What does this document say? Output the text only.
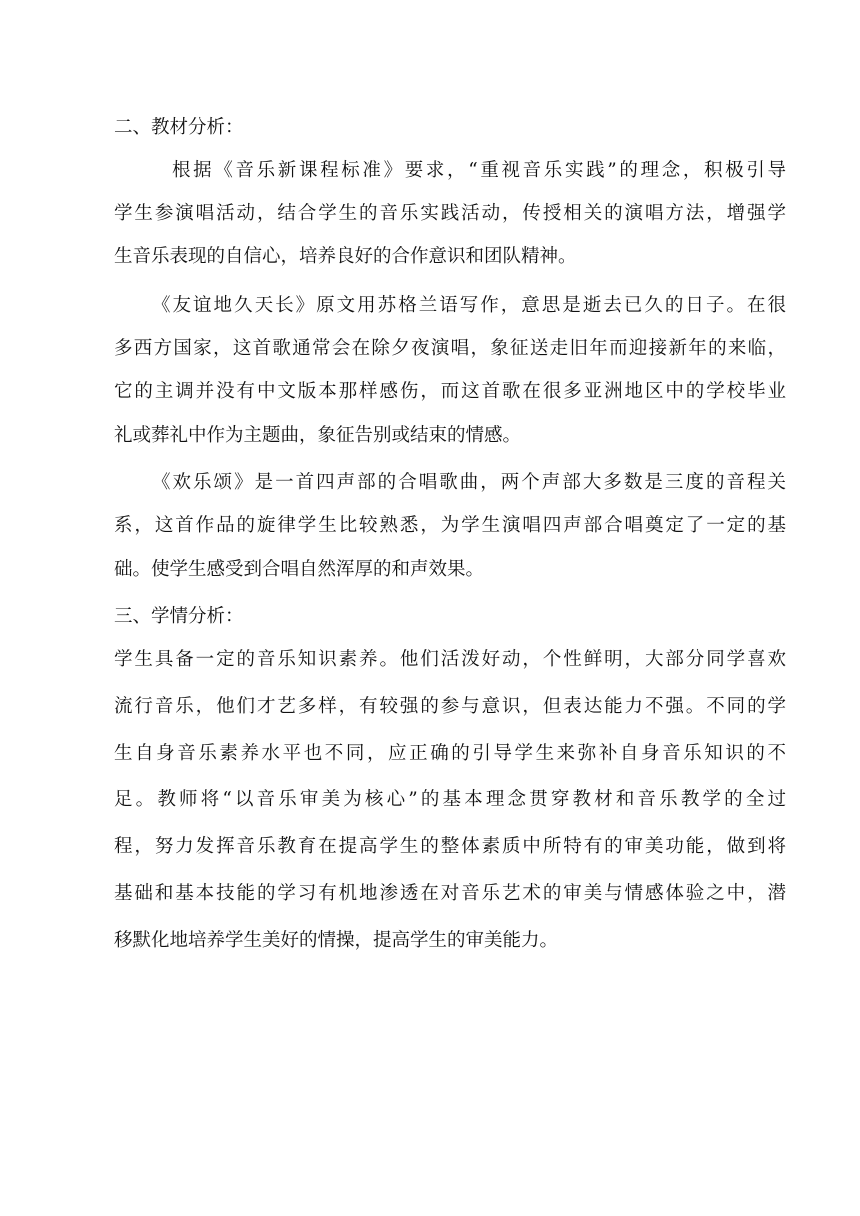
二、教材分析：
根据《音乐新课程标准》要求，“重视音乐实践”的理念，积极引导
学生参演唱活动，结合学生的音乐实践活动，传授相关的演唱方法，增强学
生音乐表现的自信心，培养良好的合作意识和团队精神。
《友谊地久天长》原文用苏格兰语写作，意思是逝去已久的日子。在很
多西方国家，这首歌通常会在除夕夜演唱，象征送走旧年而迎接新年的来临，
它的主调并没有中文版本那样感伤，而这首歌在很多亚洲地区中的学校毕业
礼或葬礼中作为主题曲，象征告别或结束的情感。
《欢乐颂》是一首四声部的合唱歌曲，两个声部大多数是三度的音程关
系，这首作品的旋律学生比较熟悉，为学生演唱四声部合唱奠定了一定的基
础。使学生感受到合唱自然浑厚的和声效果。
三、学情分析：
学生具备一定的音乐知识素养。他们活泼好动，个性鲜明，大部分同学喜欢
流行音乐，他们才艺多样，有较强的参与意识，但表达能力不强。不同的学
生自身音乐素养水平也不同，应正确的引导学生来弥补自身音乐知识的不
足。教师将“以音乐审美为核心”的基本理念贯穿教材和音乐教学的全过
程，努力发挥音乐教育在提高学生的整体素质中所特有的审美功能，做到将
基础和基本技能的学习有机地渗透在对音乐艺术的审美与情感体验之中，潜
移默化地培养学生美好的情操，提高学生的审美能力。
